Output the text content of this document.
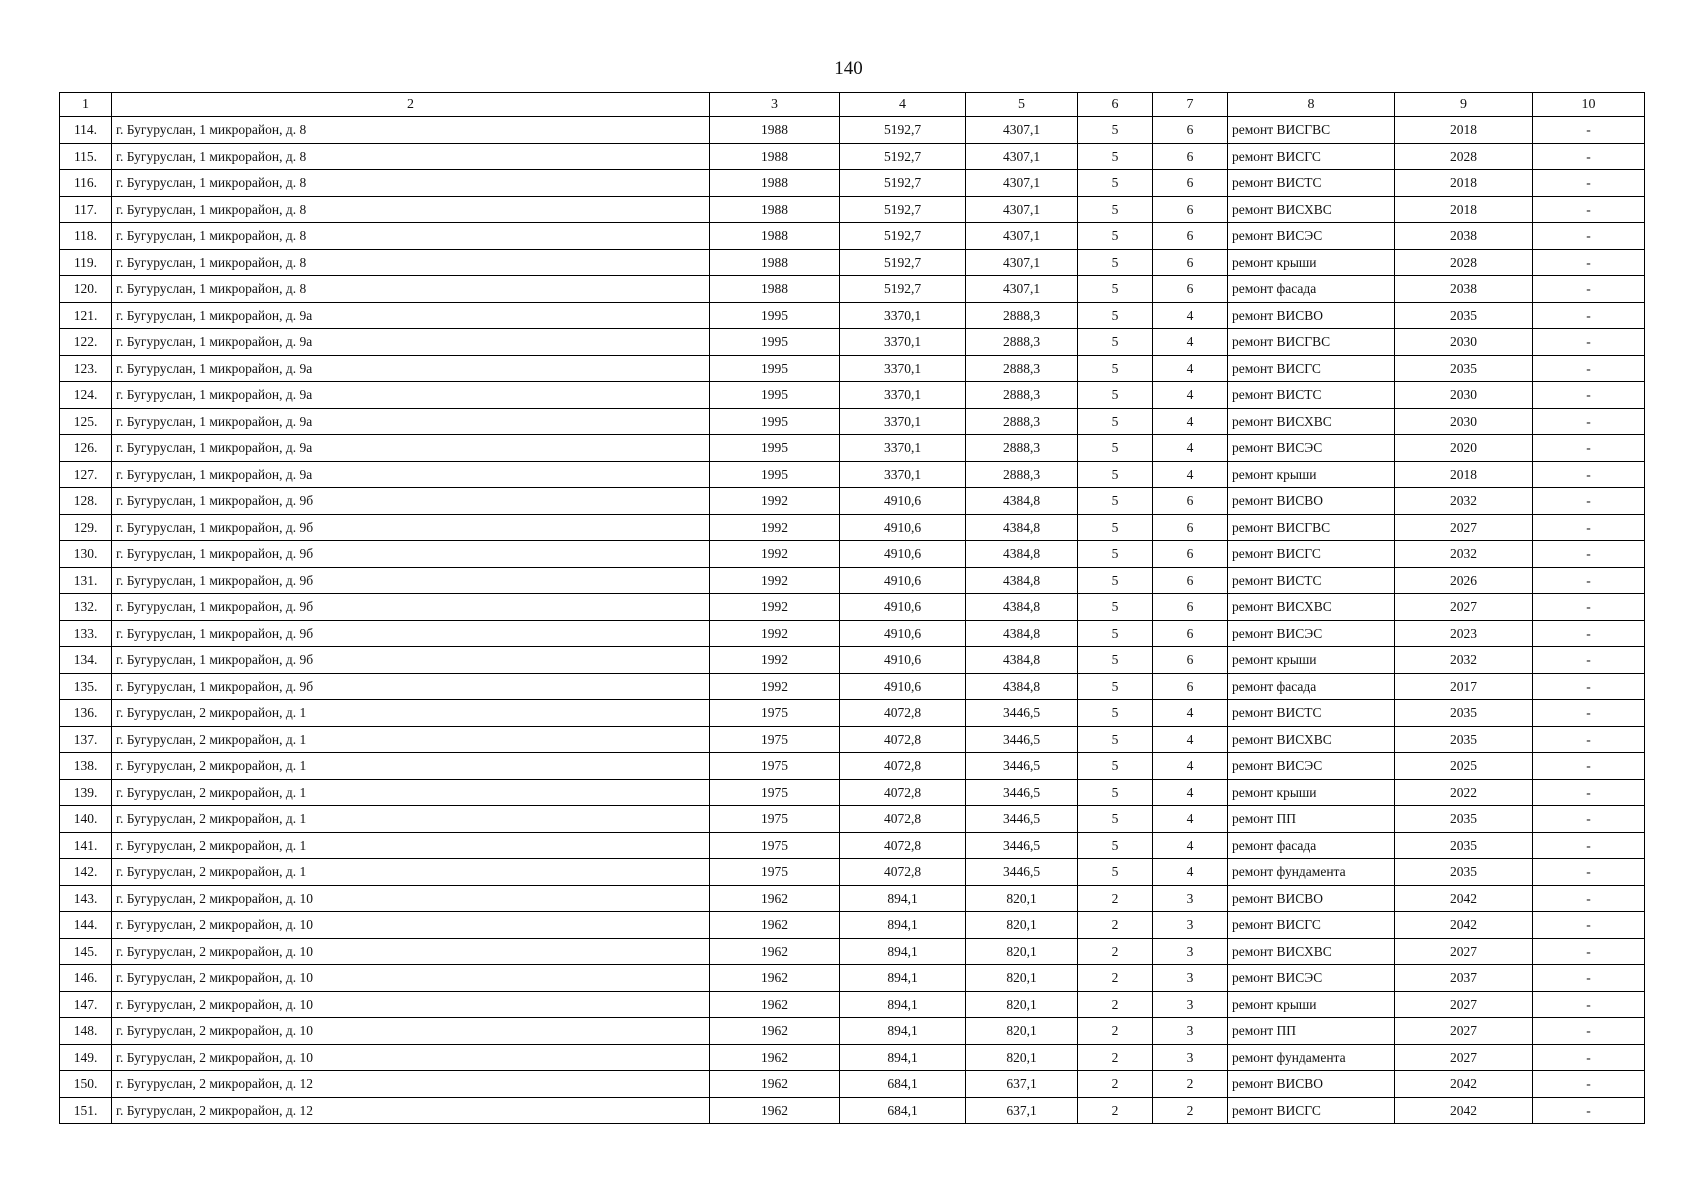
140
1	2	3	4	5	6	7	8	9	10
114.	г. Бугуруслан, 1 микрорайон, д. 8	1988	5192,7	4307,1	5	6	ремонт ВИСГВС	2018	-
115.	г. Бугуруслан, 1 микрорайон, д. 8	1988	5192,7	4307,1	5	6	ремонт ВИСГС	2028	-
116.	г. Бугуруслан, 1 микрорайон, д. 8	1988	5192,7	4307,1	5	6	ремонт ВИСТС	2018	-
117.	г. Бугуруслан, 1 микрорайон, д. 8	1988	5192,7	4307,1	5	6	ремонт ВИСХВС	2018	-
118.	г. Бугуруслан, 1 микрорайон, д. 8	1988	5192,7	4307,1	5	6	ремонт ВИСЭС	2038	-
119.	г. Бугуруслан, 1 микрорайон, д. 8	1988	5192,7	4307,1	5	6	ремонт крыши	2028	-
120.	г. Бугуруслан, 1 микрорайон, д. 8	1988	5192,7	4307,1	5	6	ремонт фасада	2038	-
121.	г. Бугуруслан, 1 микрорайон, д. 9а	1995	3370,1	2888,3	5	4	ремонт ВИСВО	2035	-
122.	г. Бугуруслан, 1 микрорайон, д. 9а	1995	3370,1	2888,3	5	4	ремонт ВИСГВС	2030	-
123.	г. Бугуруслан, 1 микрорайон, д. 9а	1995	3370,1	2888,3	5	4	ремонт ВИСГС	2035	-
124.	г. Бугуруслан, 1 микрорайон, д. 9а	1995	3370,1	2888,3	5	4	ремонт ВИСТС	2030	-
125.	г. Бугуруслан, 1 микрорайон, д. 9а	1995	3370,1	2888,3	5	4	ремонт ВИСХВС	2030	-
126.	г. Бугуруслан, 1 микрорайон, д. 9а	1995	3370,1	2888,3	5	4	ремонт ВИСЭС	2020	-
127.	г. Бугуруслан, 1 микрорайон, д. 9а	1995	3370,1	2888,3	5	4	ремонт крыши	2018	-
128.	г. Бугуруслан, 1 микрорайон, д. 9б	1992	4910,6	4384,8	5	6	ремонт ВИСВО	2032	-
129.	г. Бугуруслан, 1 микрорайон, д. 9б	1992	4910,6	4384,8	5	6	ремонт ВИСГВС	2027	-
130.	г. Бугуруслан, 1 микрорайон, д. 9б	1992	4910,6	4384,8	5	6	ремонт ВИСГС	2032	-
131.	г. Бугуруслан, 1 микрорайон, д. 9б	1992	4910,6	4384,8	5	6	ремонт ВИСТС	2026	-
132.	г. Бугуруслан, 1 микрорайон, д. 9б	1992	4910,6	4384,8	5	6	ремонт ВИСХВС	2027	-
133.	г. Бугуруслан, 1 микрорайон, д. 9б	1992	4910,6	4384,8	5	6	ремонт ВИСЭС	2023	-
134.	г. Бугуруслан, 1 микрорайон, д. 9б	1992	4910,6	4384,8	5	6	ремонт крыши	2032	-
135.	г. Бугуруслан, 1 микрорайон, д. 9б	1992	4910,6	4384,8	5	6	ремонт фасада	2017	-
136.	г. Бугуруслан, 2 микрорайон, д. 1	1975	4072,8	3446,5	5	4	ремонт ВИСТС	2035	-
137.	г. Бугуруслан, 2 микрорайон, д. 1	1975	4072,8	3446,5	5	4	ремонт ВИСХВС	2035	-
138.	г. Бугуруслан, 2 микрорайон, д. 1	1975	4072,8	3446,5	5	4	ремонт ВИСЭС	2025	-
139.	г. Бугуруслан, 2 микрорайон, д. 1	1975	4072,8	3446,5	5	4	ремонт крыши	2022	-
140.	г. Бугуруслан, 2 микрорайон, д. 1	1975	4072,8	3446,5	5	4	ремонт ПП	2035	-
141.	г. Бугуруслан, 2 микрорайон, д. 1	1975	4072,8	3446,5	5	4	ремонт фасада	2035	-
142.	г. Бугуруслан, 2 микрорайон, д. 1	1975	4072,8	3446,5	5	4	ремонт фундамента	2035	-
143.	г. Бугуруслан, 2 микрорайон, д. 10	1962	894,1	820,1	2	3	ремонт ВИСВО	2042	-
144.	г. Бугуруслан, 2 микрорайон, д. 10	1962	894,1	820,1	2	3	ремонт ВИСГС	2042	-
145.	г. Бугуруслан, 2 микрорайон, д. 10	1962	894,1	820,1	2	3	ремонт ВИСХВС	2027	-
146.	г. Бугуруслан, 2 микрорайон, д. 10	1962	894,1	820,1	2	3	ремонт ВИСЭС	2037	-
147.	г. Бугуруслан, 2 микрорайон, д. 10	1962	894,1	820,1	2	3	ремонт крыши	2027	-
148.	г. Бугуруслан, 2 микрорайон, д. 10	1962	894,1	820,1	2	3	ремонт ПП	2027	-
149.	г. Бугуруслан, 2 микрорайон, д. 10	1962	894,1	820,1	2	3	ремонт фундамента	2027	-
150.	г. Бугуруслан, 2 микрорайон, д. 12	1962	684,1	637,1	2	2	ремонт ВИСВО	2042	-
151.	г. Бугуруслан, 2 микрорайон, д. 12	1962	684,1	637,1	2	2	ремонт ВИСГС	2042	-
